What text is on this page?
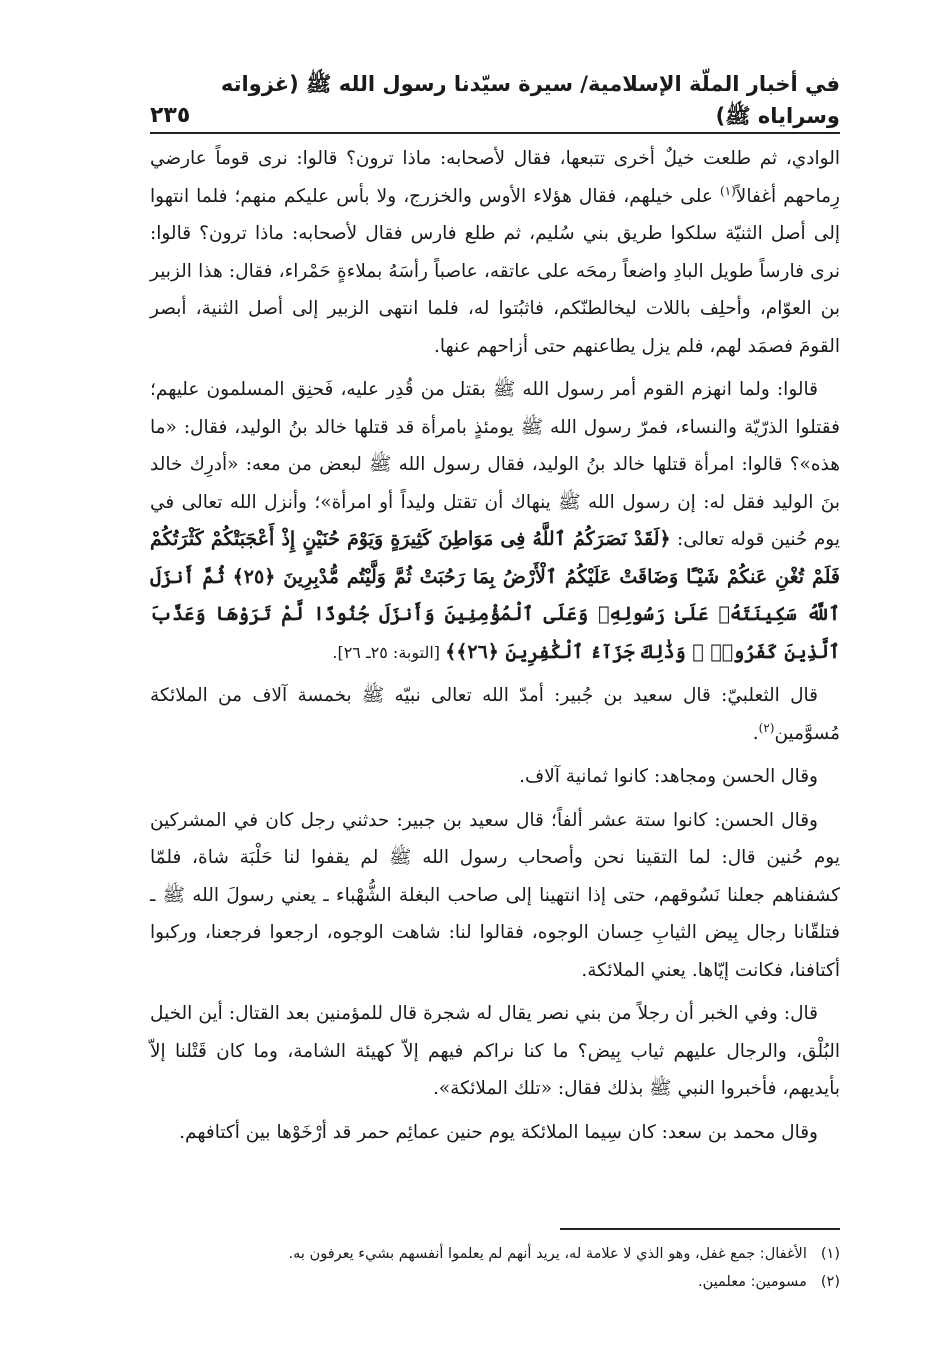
في أخبار الملّة الإسلامية/ سيرة سيّدنا رسول الله ﷺ (غزواته وسراياه ﷺ)
٢٣٥

الوادي، ثم طلعت خيلٌ أخرى تتبعها، فقال لأصحابه: ماذا ترون؟ قالوا: نرى قوماً عارضي رِماحهم أغفالاً$^{(١)}$ على خيلهم، فقال هؤلاء الأوس والخزرج، ولا بأس عليكم منهم؛ فلما انتهوا إلى أصل الثنيّة سلكوا طريق بني سُليم، ثم طلع فارس فقال لأصحابه: ماذا ترون؟ قالوا: نرى فارساً طويل البادِ واضعاً رمحَه على عاتقه، عاصباً رأسَهُ بملاءةٍ حَمْراء، فقال: هذا الزبير بن العوّام، وأحلِف باللات ليخالطنّكم، فاثبُتوا له، فلما انتهى الزبير إلى أصل الثنية، أبصر القومَ فصمَد لهم، فلم يزل يطاعنهم حتى أزاحهم عنها.

قالوا: ولما انهزم القوم أمر رسول الله ﷺ بقتل من قُدِر عليه، فَحنِق المسلمون عليهم؛ فقتلوا الذرّيّة والنساء، فمرّ رسول الله ﷺ يومئذٍ بامرأة قد قتلها خالد بنُ الوليد، فقال: «ما هذه»؟ قالوا: امرأة قتلها خالد بنُ الوليد، فقال رسول الله ﷺ لبعض من معه: «أدرِك خالد بنَ الوليد فقل له: إن رسول الله ﷺ ينهاك أن تقتل وليداً أو امرأة»؛ وأنزل الله تعالى في يوم حُنين قوله تعالى: ﴿لَقَدْ نَصَرَكُمُ ٱللَّهُ فِى مَوَاطِنَ كَثِيرَةٍ وَيَوْمَ حُنَيْنٍ إِذْ أَعْجَبَتْكُمْ كَثْرَتُكُمْ فَلَمْ تُغْنِ عَنكُمْ شَيْـًٔا وَضَاقَتْ عَلَيْكُمُ ٱلْأَرْضُ بِمَا رَحُبَتْ ثُمَّ وَلَّيْتُم مُّدْبِرِينَ ﴿٢٥﴾ ثُمَّ أَنزَلَ ٱللَّهُ سَكِينَتَهُۥ عَلَىٰ رَسُولِهِۦ وَعَلَى ٱلْمُؤْمِنِينَ وَأَنزَلَ جُنُودًا لَّمْ تَرَوْهَا وَعَذَّبَ ٱلَّذِينَ كَفَرُوا۟ ۚ وَذَٰلِكَ جَزَآءُ ٱلْكَٰفِرِينَ ﴿٢٦﴾﴾ [التوبة: ٢٥ـ ٢٦].

قال الثعلبيّ: قال سعيد بن جُبير: أمدّ الله تعالى نبيّه ﷺ بخمسة آلاف من الملائكة مُسوَّمين$^{(٢)}$.

وقال الحسن ومجاهد: كانوا ثمانية آلاف.

وقال الحسن: كانوا ستة عشر ألفاً؛ قال سعيد بن جبير: حدثني رجل كان في المشركين يوم حُنين قال: لما التقينا نحن وأصحاب رسول الله ﷺ لم يقفوا لنا حَلْبَة شاة، فلمّا كشفناهم جعلنا نَسُوقهم، حتى إذا انتهينا إلى صاحب البغلة الشُّهْباء ـ يعني رسولَ الله ﷺ ـ فتلقّانا رجال بِيض الثيابِ حِسان الوجوه، فقالوا لنا: شاهت الوجوه، ارجعوا فرجعنا، وركبوا أكتافنا، فكانت إيّاها. يعني الملائكة.

قال: وفي الخبر أن رجلاً من بني نصر يقال له شجرة قال للمؤمنين بعد القتال: أين الخيل البُلْق، والرجال عليهم ثياب بِيض؟ ما كنا نراكم فيهم إلاّ كهيئة الشامة، وما كان قَتْلنا إلاّ بأيديهم، فأخبروا النبي ﷺ بذلك فقال: «تلك الملائكة».

وقال محمد بن سعد: كان سِيما الملائكة يوم حنين عمائِم حمر قد أرْخَوْها بين أكتافهم.

(١)
الأغفال: جمع غفل، وهو الذي لا علامة له، يريد أنهم لم يعلموا أنفسهم بشيء يعرفون به.
(٢)
مسومين: معلمين.
